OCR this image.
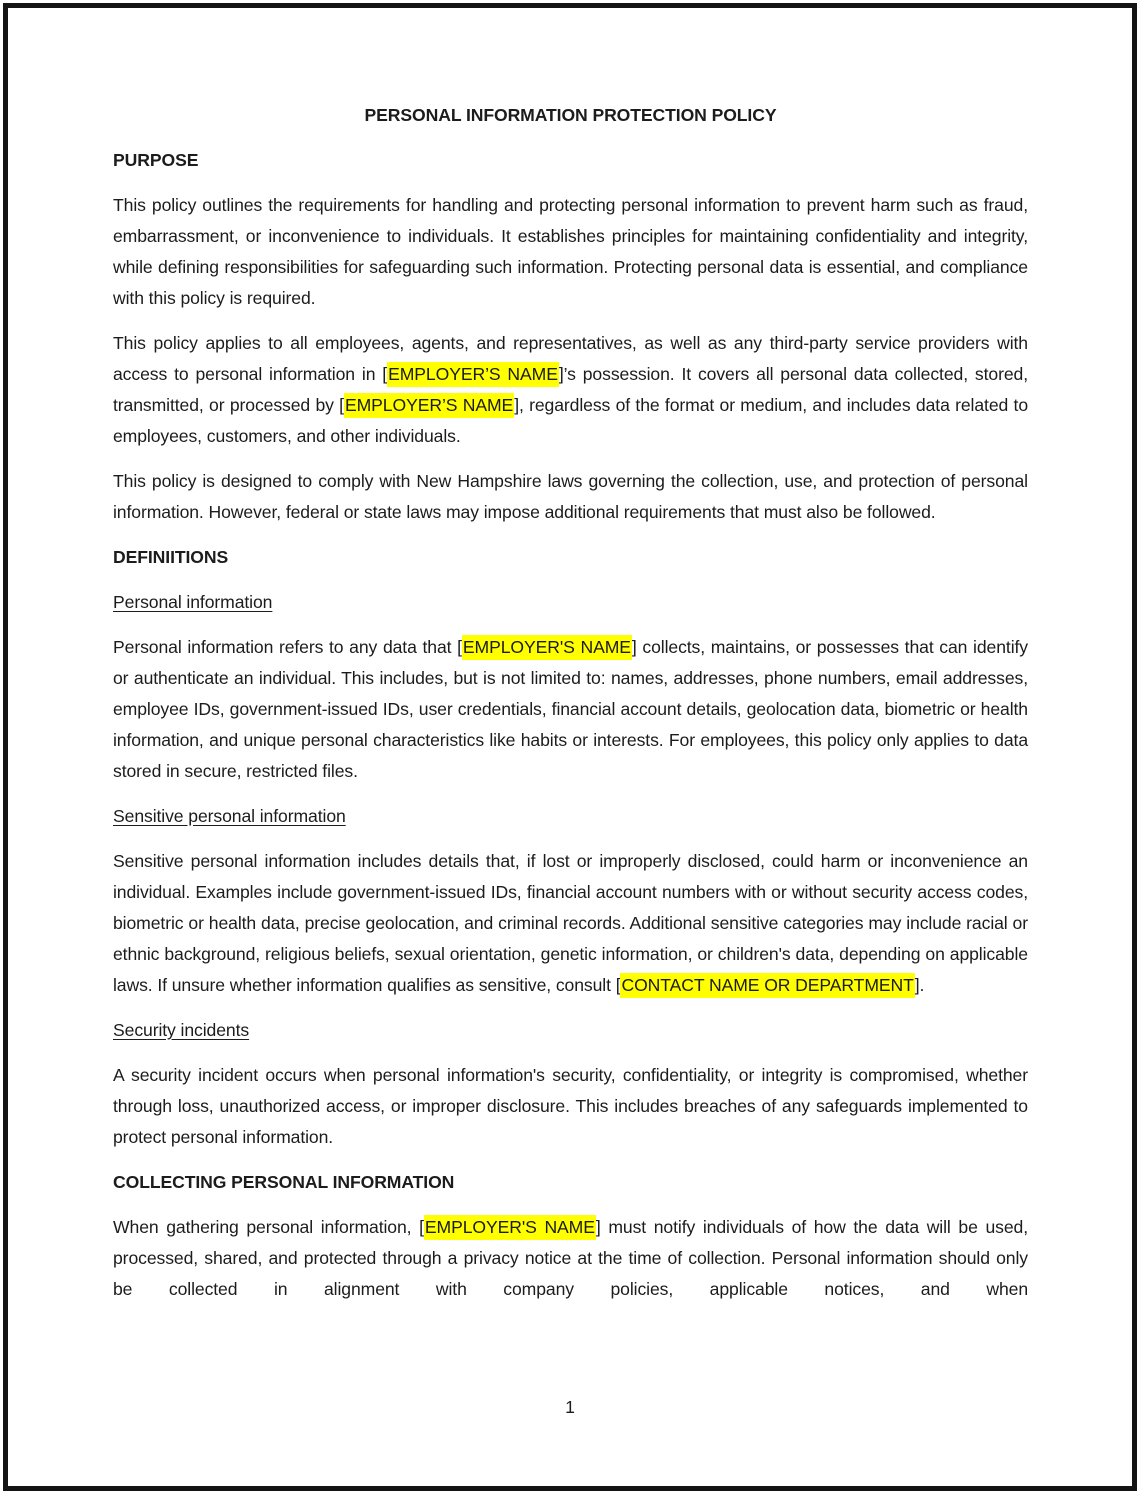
PERSONAL INFORMATION PROTECTION POLICY
PURPOSE

This policy outlines the requirements for handling and protecting personal information to prevent harm such as fraud, embarrassment, or inconvenience to individuals. It establishes principles for maintaining confidentiality and integrity, while defining responsibilities for safeguarding such information. Protecting personal data is essential, and compliance with this policy is required.

This policy applies to all employees, agents, and representatives, as well as any third-party service providers with access to personal information in [EMPLOYER’S NAME]’s possession. It covers all personal data collected, stored, transmitted, or processed by [EMPLOYER’S NAME], regardless of the format or medium, and includes data related to employees, customers, and other individuals.

This policy is designed to comply with New Hampshire laws governing the collection, use, and protection of personal information. However, federal or state laws may impose additional requirements that must also be followed.

DEFINIITIONS
Personal information

Personal information refers to any data that [EMPLOYER'S NAME] collects, maintains, or possesses that can identify or authenticate an individual. This includes, but is not limited to: names, addresses, phone numbers, email addresses, employee IDs, government-issued IDs, user credentials, financial account details, geolocation data, biometric or health information, and unique personal characteristics like habits or interests. For employees, this policy only applies to data stored in secure, restricted files.

Sensitive personal information

Sensitive personal information includes details that, if lost or improperly disclosed, could harm or inconvenience an individual. Examples include government-issued IDs, financial account numbers with or without security access codes, biometric or health data, precise geolocation, and criminal records. Additional sensitive categories may include racial or ethnic background, religious beliefs, sexual orientation, genetic information, or children's data, depending on applicable laws. If unsure whether information qualifies as sensitive, consult [CONTACT NAME OR DEPARTMENT].

Security incidents

A security incident occurs when personal information's security, confidentiality, or integrity is compromised, whether through loss, unauthorized access, or improper disclosure. This includes breaches of any safeguards implemented to protect personal information.

COLLECTING PERSONAL INFORMATION

When gathering personal information, [EMPLOYER'S NAME] must notify individuals of how the data will be used, processed, shared, and protected through a privacy notice at the time of collection. Personal information should only be collected in alignment with company policies, applicable notices, and when

1
